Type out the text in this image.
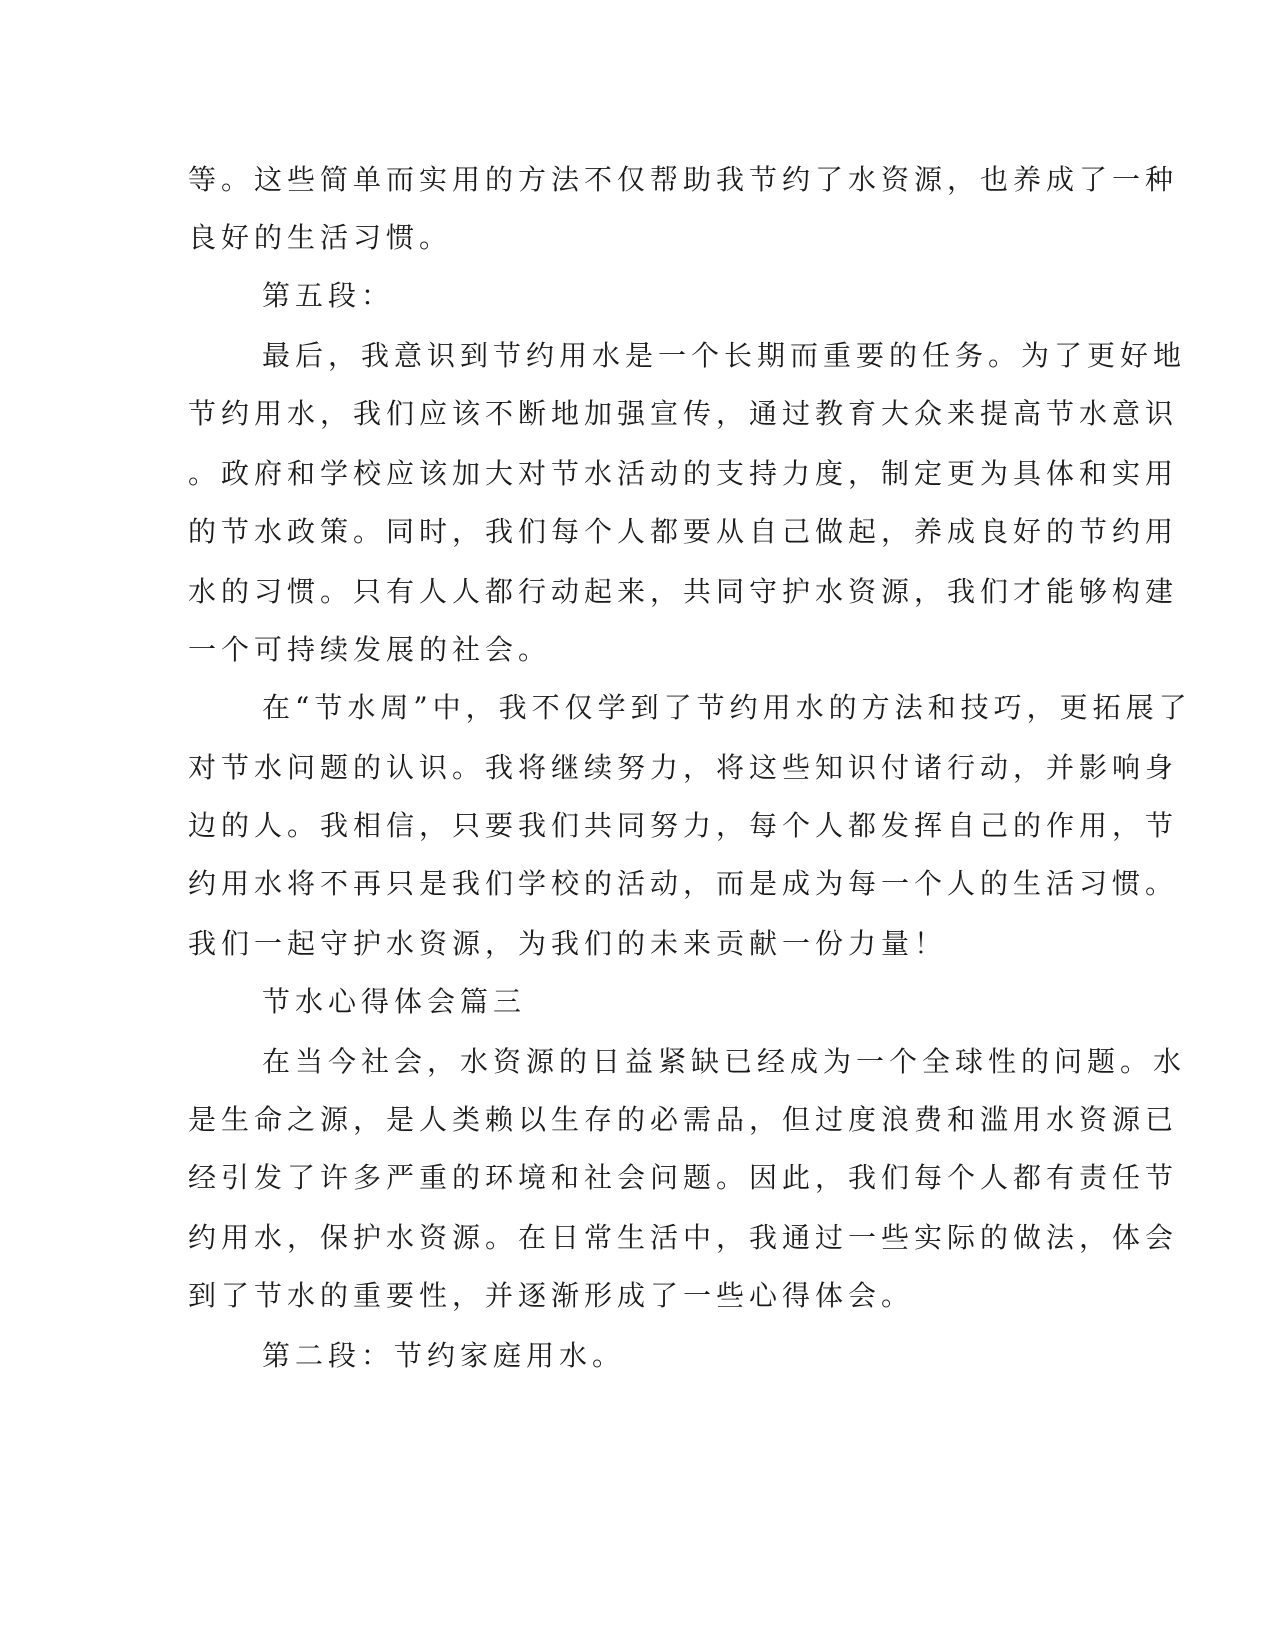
等。这些简单而实用的方法不仅帮助我节约了水资源，也养成了一种
良好的生活习惯。
第五段：
最后，我意识到节约用水是一个长期而重要的任务。为了更好地
节约用水，我们应该不断地加强宣传，通过教育大众来提高节水意识
。政府和学校应该加大对节水活动的支持力度，制定更为具体和实用
的节水政策。同时，我们每个人都要从自己做起，养成良好的节约用
水的习惯。只有人人都行动起来，共同守护水资源，我们才能够构建
一个可持续发展的社会。
在“节水周”中，我不仅学到了节约用水的方法和技巧，更拓展了
对节水问题的认识。我将继续努力，将这些知识付诸行动，并影响身
边的人。我相信，只要我们共同努力，每个人都发挥自己的作用，节
约用水将不再只是我们学校的活动，而是成为每一个人的生活习惯。
我们一起守护水资源，为我们的未来贡献一份力量！
节水心得体会篇三
在当今社会，水资源的日益紧缺已经成为一个全球性的问题。水
是生命之源，是人类赖以生存的必需品，但过度浪费和滥用水资源已
经引发了许多严重的环境和社会问题。因此，我们每个人都有责任节
约用水，保护水资源。在日常生活中，我通过一些实际的做法，体会
到了节水的重要性，并逐渐形成了一些心得体会。
第二段：节约家庭用水。
